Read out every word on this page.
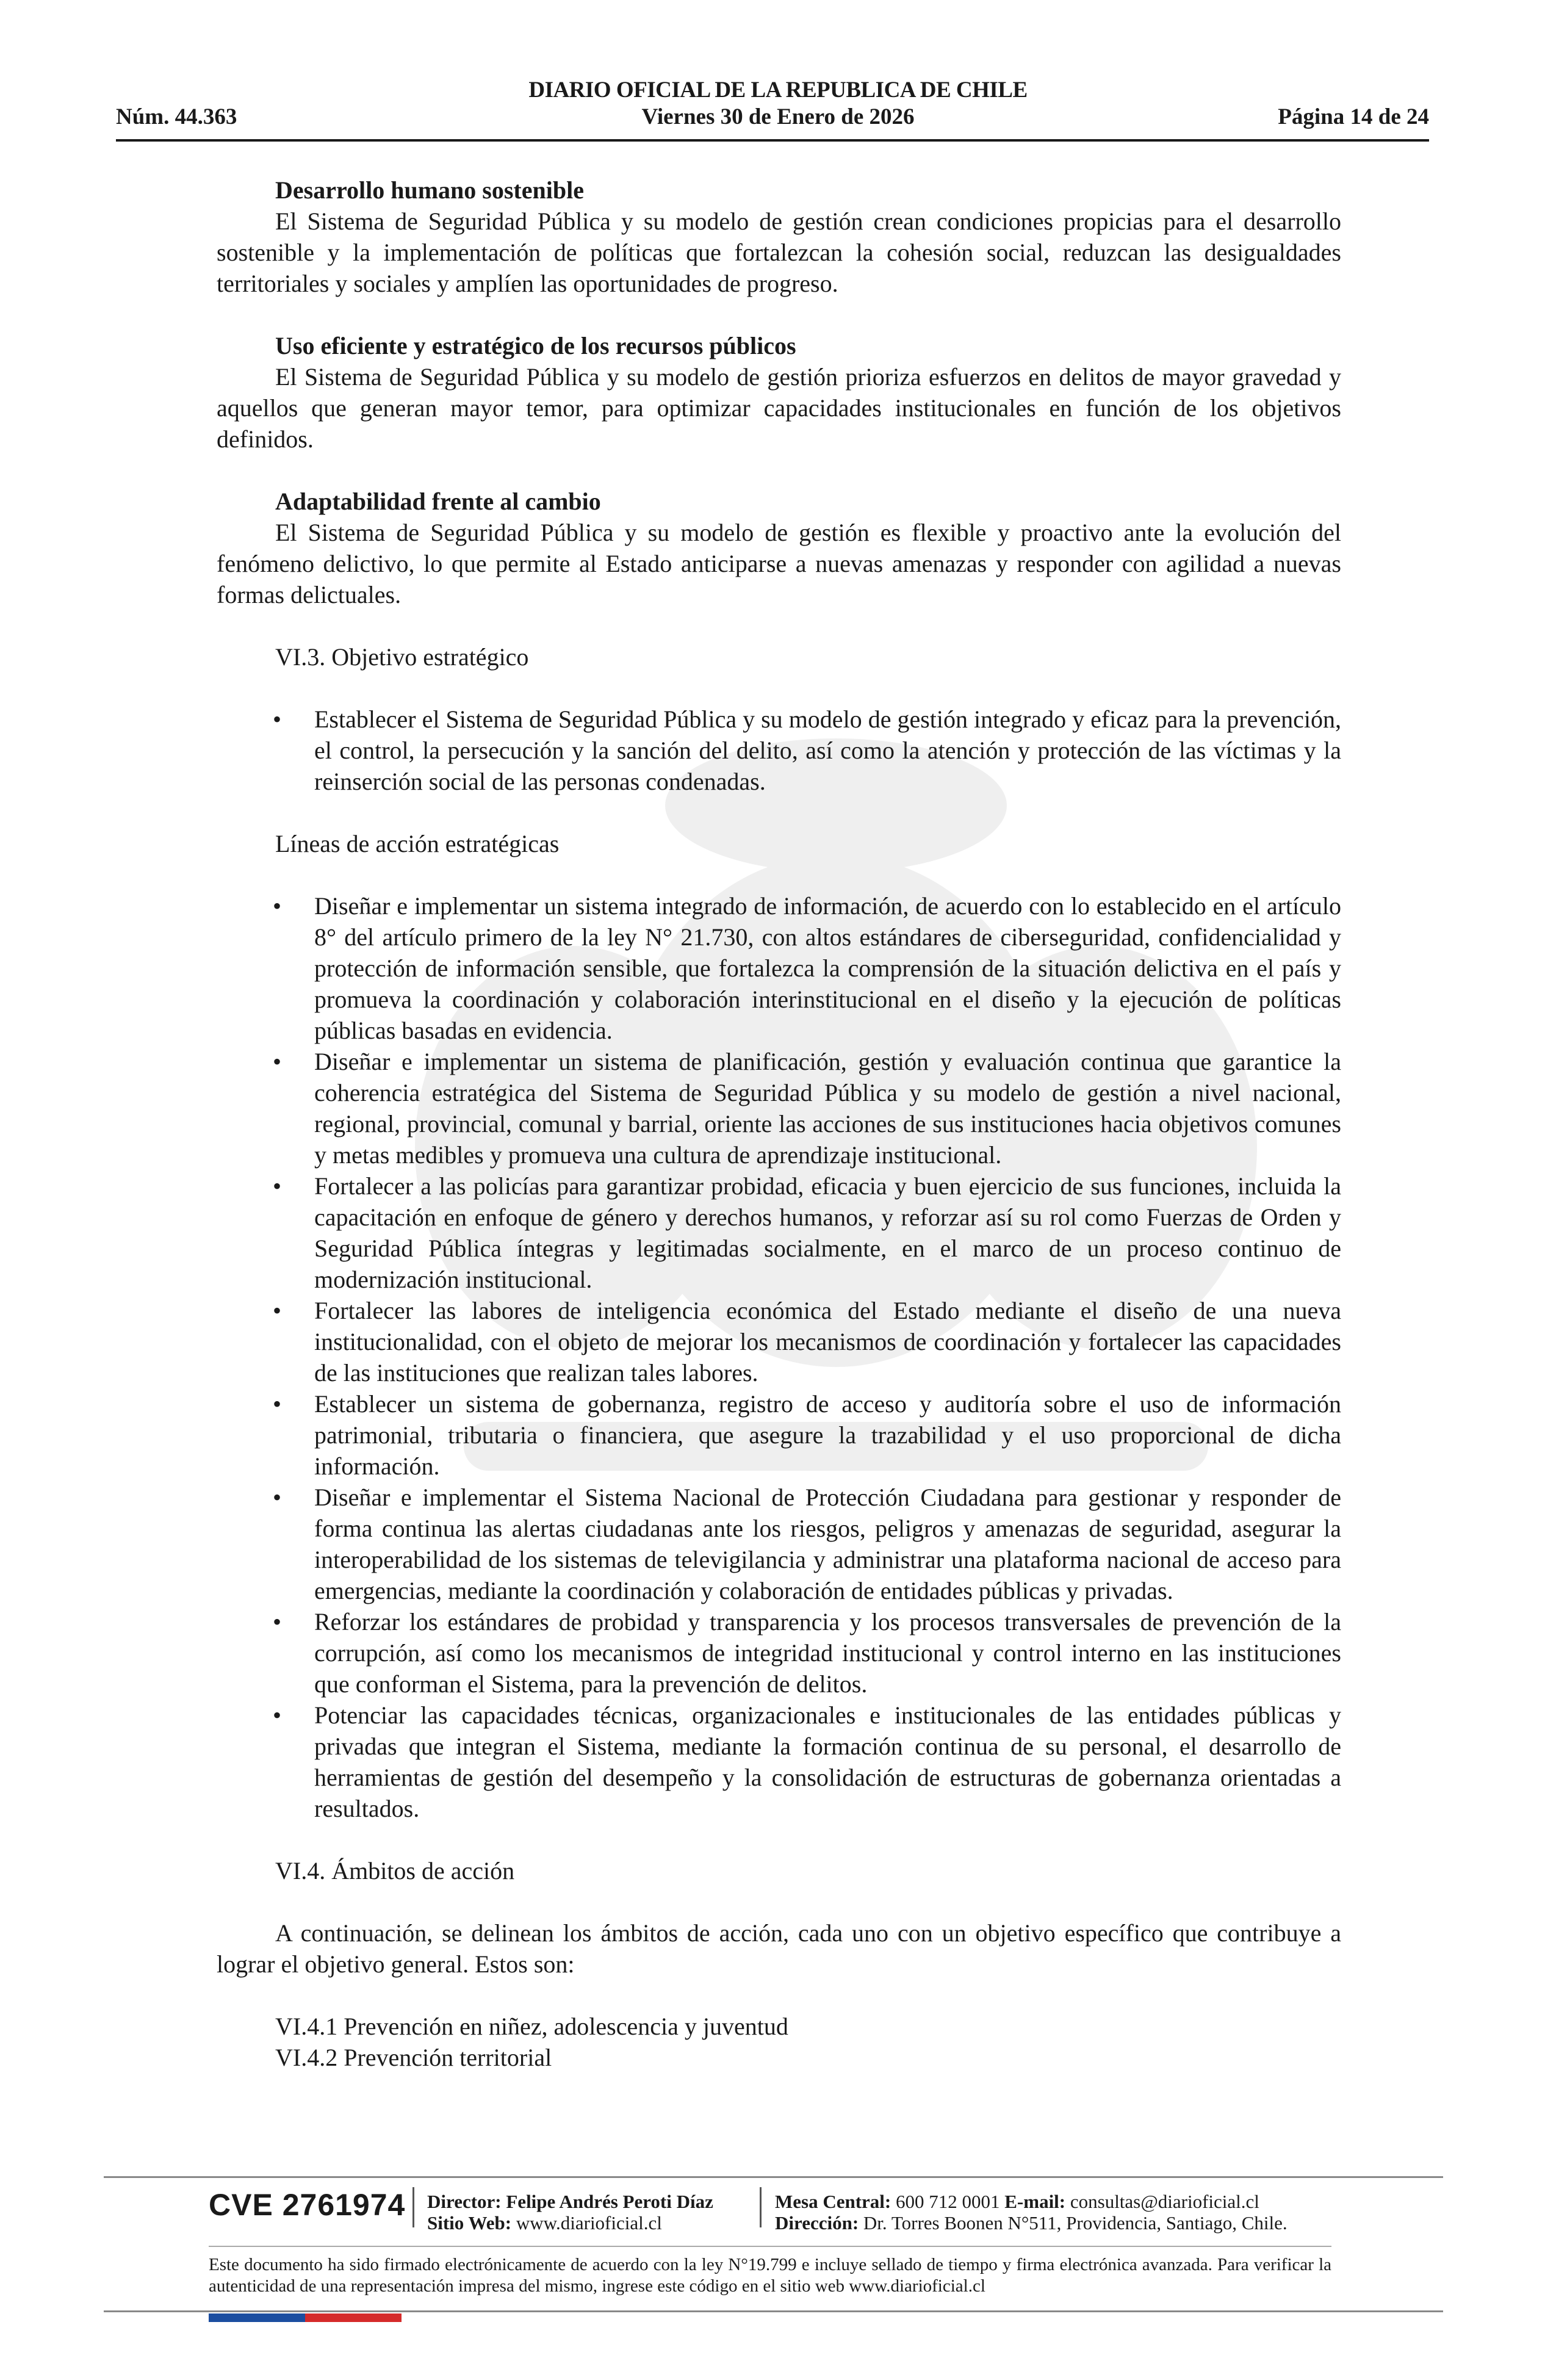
DIARIO OFICIAL DE LA REPUBLICA DE CHILE
Núm. 44.363	Viernes 30 de Enero de 2026	Página 14 de 24
Desarrollo humano sostenible
El Sistema de Seguridad Pública y su modelo de gestión crean condiciones propicias para el desarrollo sostenible y la implementación de políticas que fortalezcan la cohesión social, reduzcan las desigualdades territoriales y sociales y amplíen las oportunidades de progreso.
Uso eficiente y estratégico de los recursos públicos
El Sistema de Seguridad Pública y su modelo de gestión prioriza esfuerzos en delitos de mayor gravedad y aquellos que generan mayor temor, para optimizar capacidades institucionales en función de los objetivos definidos.
Adaptabilidad frente al cambio
El Sistema de Seguridad Pública y su modelo de gestión es flexible y proactivo ante la evolución del fenómeno delictivo, lo que permite al Estado anticiparse a nuevas amenazas y responder con agilidad a nuevas formas delictuales.
VI.3. Objetivo estratégico
• Establecer el Sistema de Seguridad Pública y su modelo de gestión integrado y eficaz para la prevención, el control, la persecución y la sanción del delito, así como la atención y protección de las víctimas y la reinserción social de las personas condenadas.
Líneas de acción estratégicas
• Diseñar e implementar un sistema integrado de información, de acuerdo con lo establecido en el artículo 8° del artículo primero de la ley N° 21.730, con altos estándares de ciberseguridad, confidencialidad y protección de información sensible, que fortalezca la comprensión de la situación delictiva en el país y promueva la coordinación y colaboración interinstitucional en el diseño y la ejecución de políticas públicas basadas en evidencia.
• Diseñar e implementar un sistema de planificación, gestión y evaluación continua que garantice la coherencia estratégica del Sistema de Seguridad Pública y su modelo de gestión a nivel nacional, regional, provincial, comunal y barrial, oriente las acciones de sus instituciones hacia objetivos comunes y metas medibles y promueva una cultura de aprendizaje institucional.
• Fortalecer a las policías para garantizar probidad, eficacia y buen ejercicio de sus funciones, incluida la capacitación en enfoque de género y derechos humanos, y reforzar así su rol como Fuerzas de Orden y Seguridad Pública íntegras y legitimadas socialmente, en el marco de un proceso continuo de modernización institucional.
• Fortalecer las labores de inteligencia económica del Estado mediante el diseño de una nueva institucionalidad, con el objeto de mejorar los mecanismos de coordinación y fortalecer las capacidades de las instituciones que realizan tales labores.
• Establecer un sistema de gobernanza, registro de acceso y auditoría sobre el uso de información patrimonial, tributaria o financiera, que asegure la trazabilidad y el uso proporcional de dicha información.
• Diseñar e implementar el Sistema Nacional de Protección Ciudadana para gestionar y responder de forma continua las alertas ciudadanas ante los riesgos, peligros y amenazas de seguridad, asegurar la interoperabilidad de los sistemas de televigilancia y administrar una plataforma nacional de acceso para emergencias, mediante la coordinación y colaboración de entidades públicas y privadas.
• Reforzar los estándares de probidad y transparencia y los procesos transversales de prevención de la corrupción, así como los mecanismos de integridad institucional y control interno en las instituciones que conforman el Sistema, para la prevención de delitos.
• Potenciar las capacidades técnicas, organizacionales e institucionales de las entidades públicas y privadas que integran el Sistema, mediante la formación continua de su personal, el desarrollo de herramientas de gestión del desempeño y la consolidación de estructuras de gobernanza orientadas a resultados.
VI.4. Ámbitos de acción
A continuación, se delinean los ámbitos de acción, cada uno con un objetivo específico que contribuye a lograr el objetivo general. Estos son:
VI.4.1 Prevención en niñez, adolescencia y juventud
VI.4.2 Prevención territorial
CVE 2761974 Director: Felipe Andrés Peroti Díaz
Sitio Web: www.diarioficial.cl
Mesa Central: 600 712 0001 E-mail: consultas@diarioficial.cl
Dirección: Dr. Torres Boonen N°511, Providencia, Santiago, Chile.
Este documento ha sido firmado electrónicamente de acuerdo con la ley N°19.799 e incluye sellado de tiempo y firma electrónica avanzada. Para verificar la autenticidad de una representación impresa del mismo, ingrese este código en el sitio web www.diarioficial.cl
